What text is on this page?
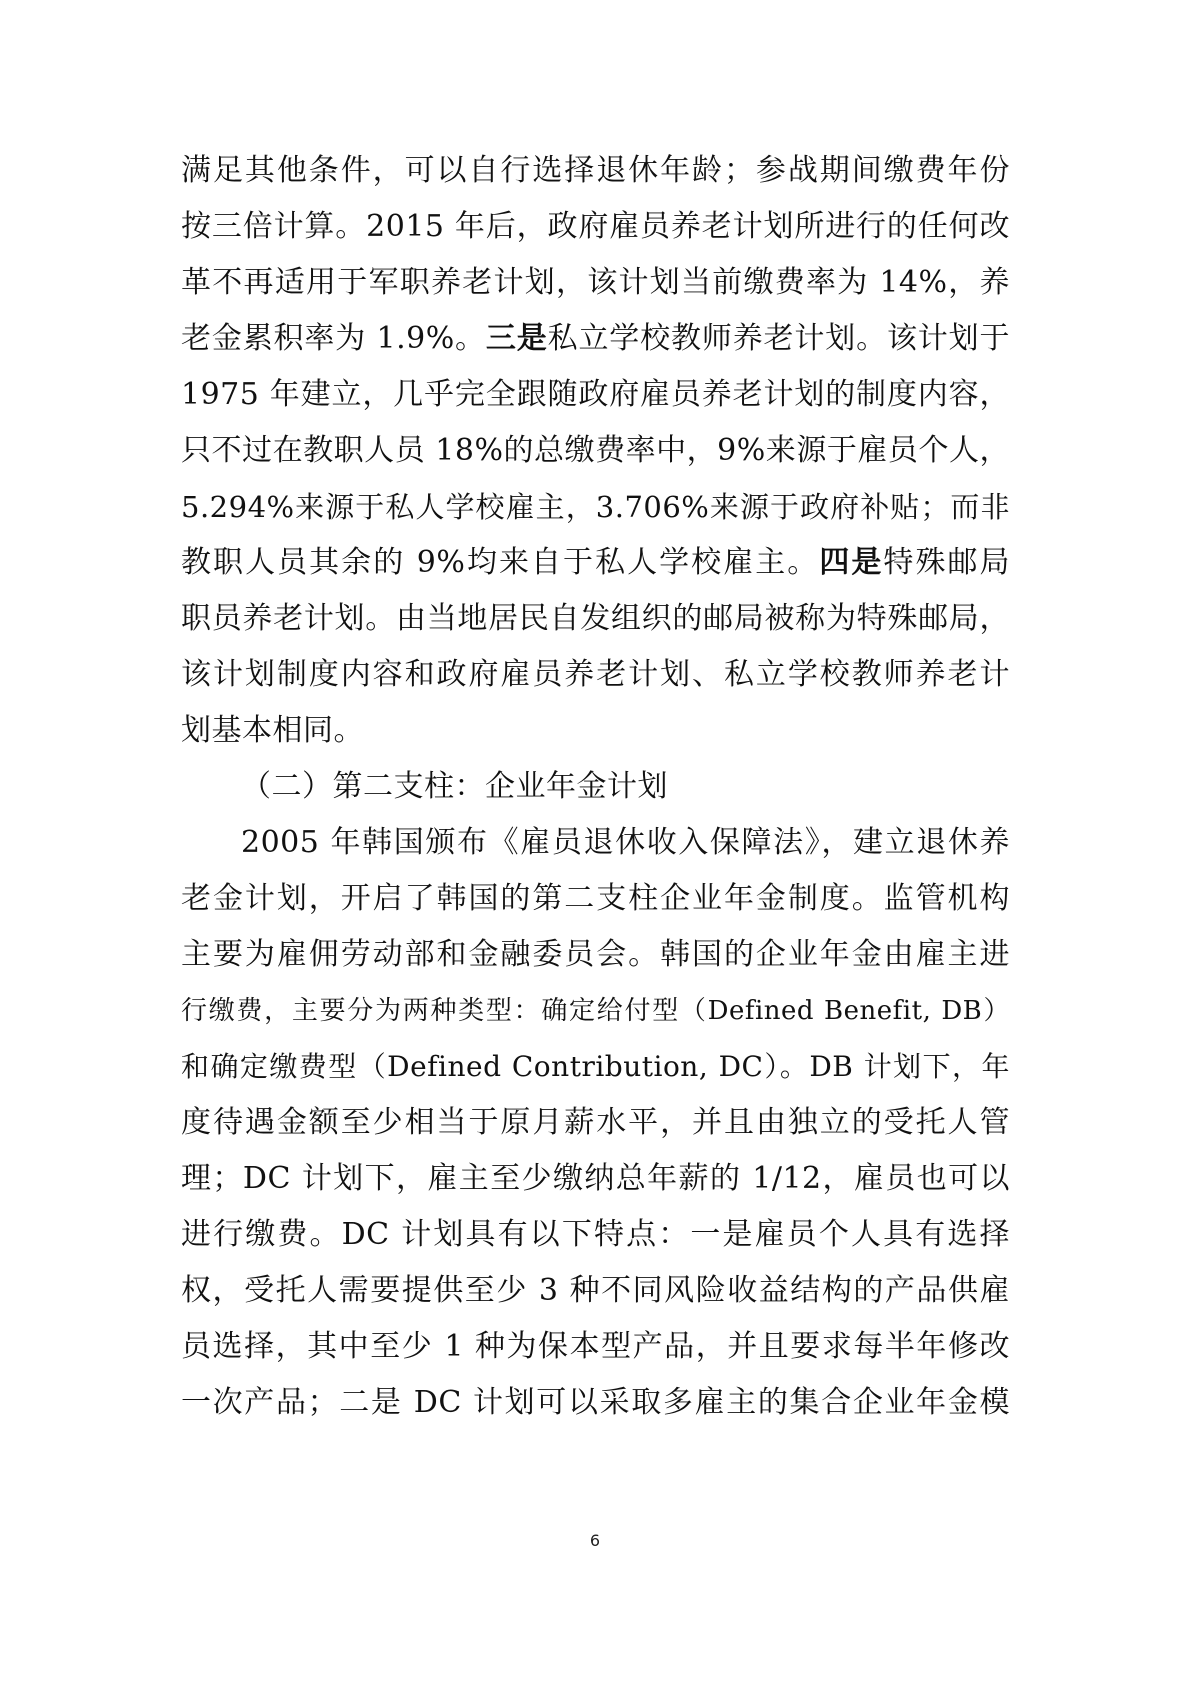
满足其他条件，可以自行选择退休年龄；参战期间缴费年份
按三倍计算。2015 年后，政府雇员养老计划所进行的任何改
革不再适用于军职养老计划，该计划当前缴费率为 14%，养
老金累积率为 1.9%。三是私立学校教师养老计划。该计划于
1975 年建立，几乎完全跟随政府雇员养老计划的制度内容，
只不过在教职人员 18%的总缴费率中，9%来源于雇员个人，
5.294%来源于私人学校雇主，3.706%来源于政府补贴；而非
教职人员其余的 9%均来自于私人学校雇主。四是特殊邮局
职员养老计划。由当地居民自发组织的邮局被称为特殊邮局，
该计划制度内容和政府雇员养老计划、私立学校教师养老计
划基本相同。
（二）第二支柱：企业年金计划
2005 年韩国颁布《雇员退休收入保障法》，建立退休养
老金计划，开启了韩国的第二支柱企业年金制度。监管机构
主要为雇佣劳动部和金融委员会。韩国的企业年金由雇主进
行缴费，主要分为两种类型：确定给付型（Defined Benefit, DB）
和确定缴费型（Defined Contribution, DC）。DB 计划下，年
度待遇金额至少相当于原月薪水平，并且由独立的受托人管
理；DC 计划下，雇主至少缴纳总年薪的 1/12，雇员也可以
进行缴费。DC 计划具有以下特点：一是雇员个人具有选择
权，受托人需要提供至少 3 种不同风险收益结构的产品供雇
员选择，其中至少 1 种为保本型产品，并且要求每半年修改
一次产品；二是 DC 计划可以采取多雇主的集合企业年金模
6
